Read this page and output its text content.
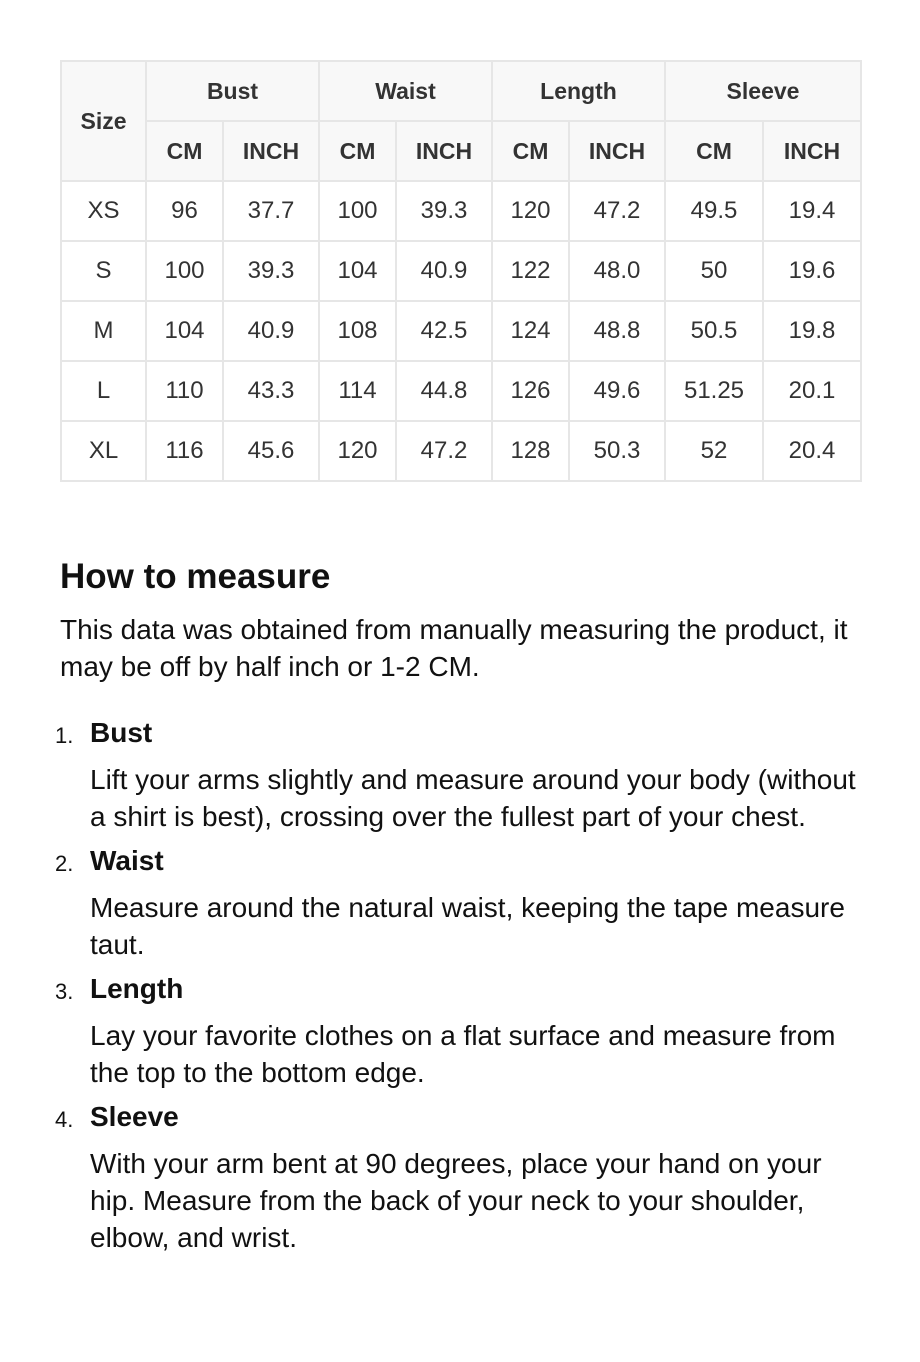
Size	Bust		Waist		Length		Sleeve	
	CM	INCH	CM	INCH	CM	INCH	CM	INCH
XS	96	37.7	100	39.3	120	47.2	49.5	19.4
S	100	39.3	104	40.9	122	48.0	50	19.6
M	104	40.9	108	42.5	124	48.8	50.5	19.8
L	110	43.3	114	44.8	126	49.6	51.25	20.1
XL	116	45.6	120	47.2	128	50.3	52	20.4
How to measure

This data was obtained from manually measuring the product, it may be off by half inch or 1-2 CM.

1. Bust
Lift your arms slightly and measure around your body (without a shirt is best), crossing over the fullest part of your chest.
2. Waist
Measure around the natural waist, keeping the tape measure taut.
3. Length
Lay your favorite clothes on a flat surface and measure from the top to the bottom edge.
4. Sleeve
With your arm bent at 90 degrees, place your hand on your hip. Measure from the back of your neck to your shoulder, elbow, and wrist.
